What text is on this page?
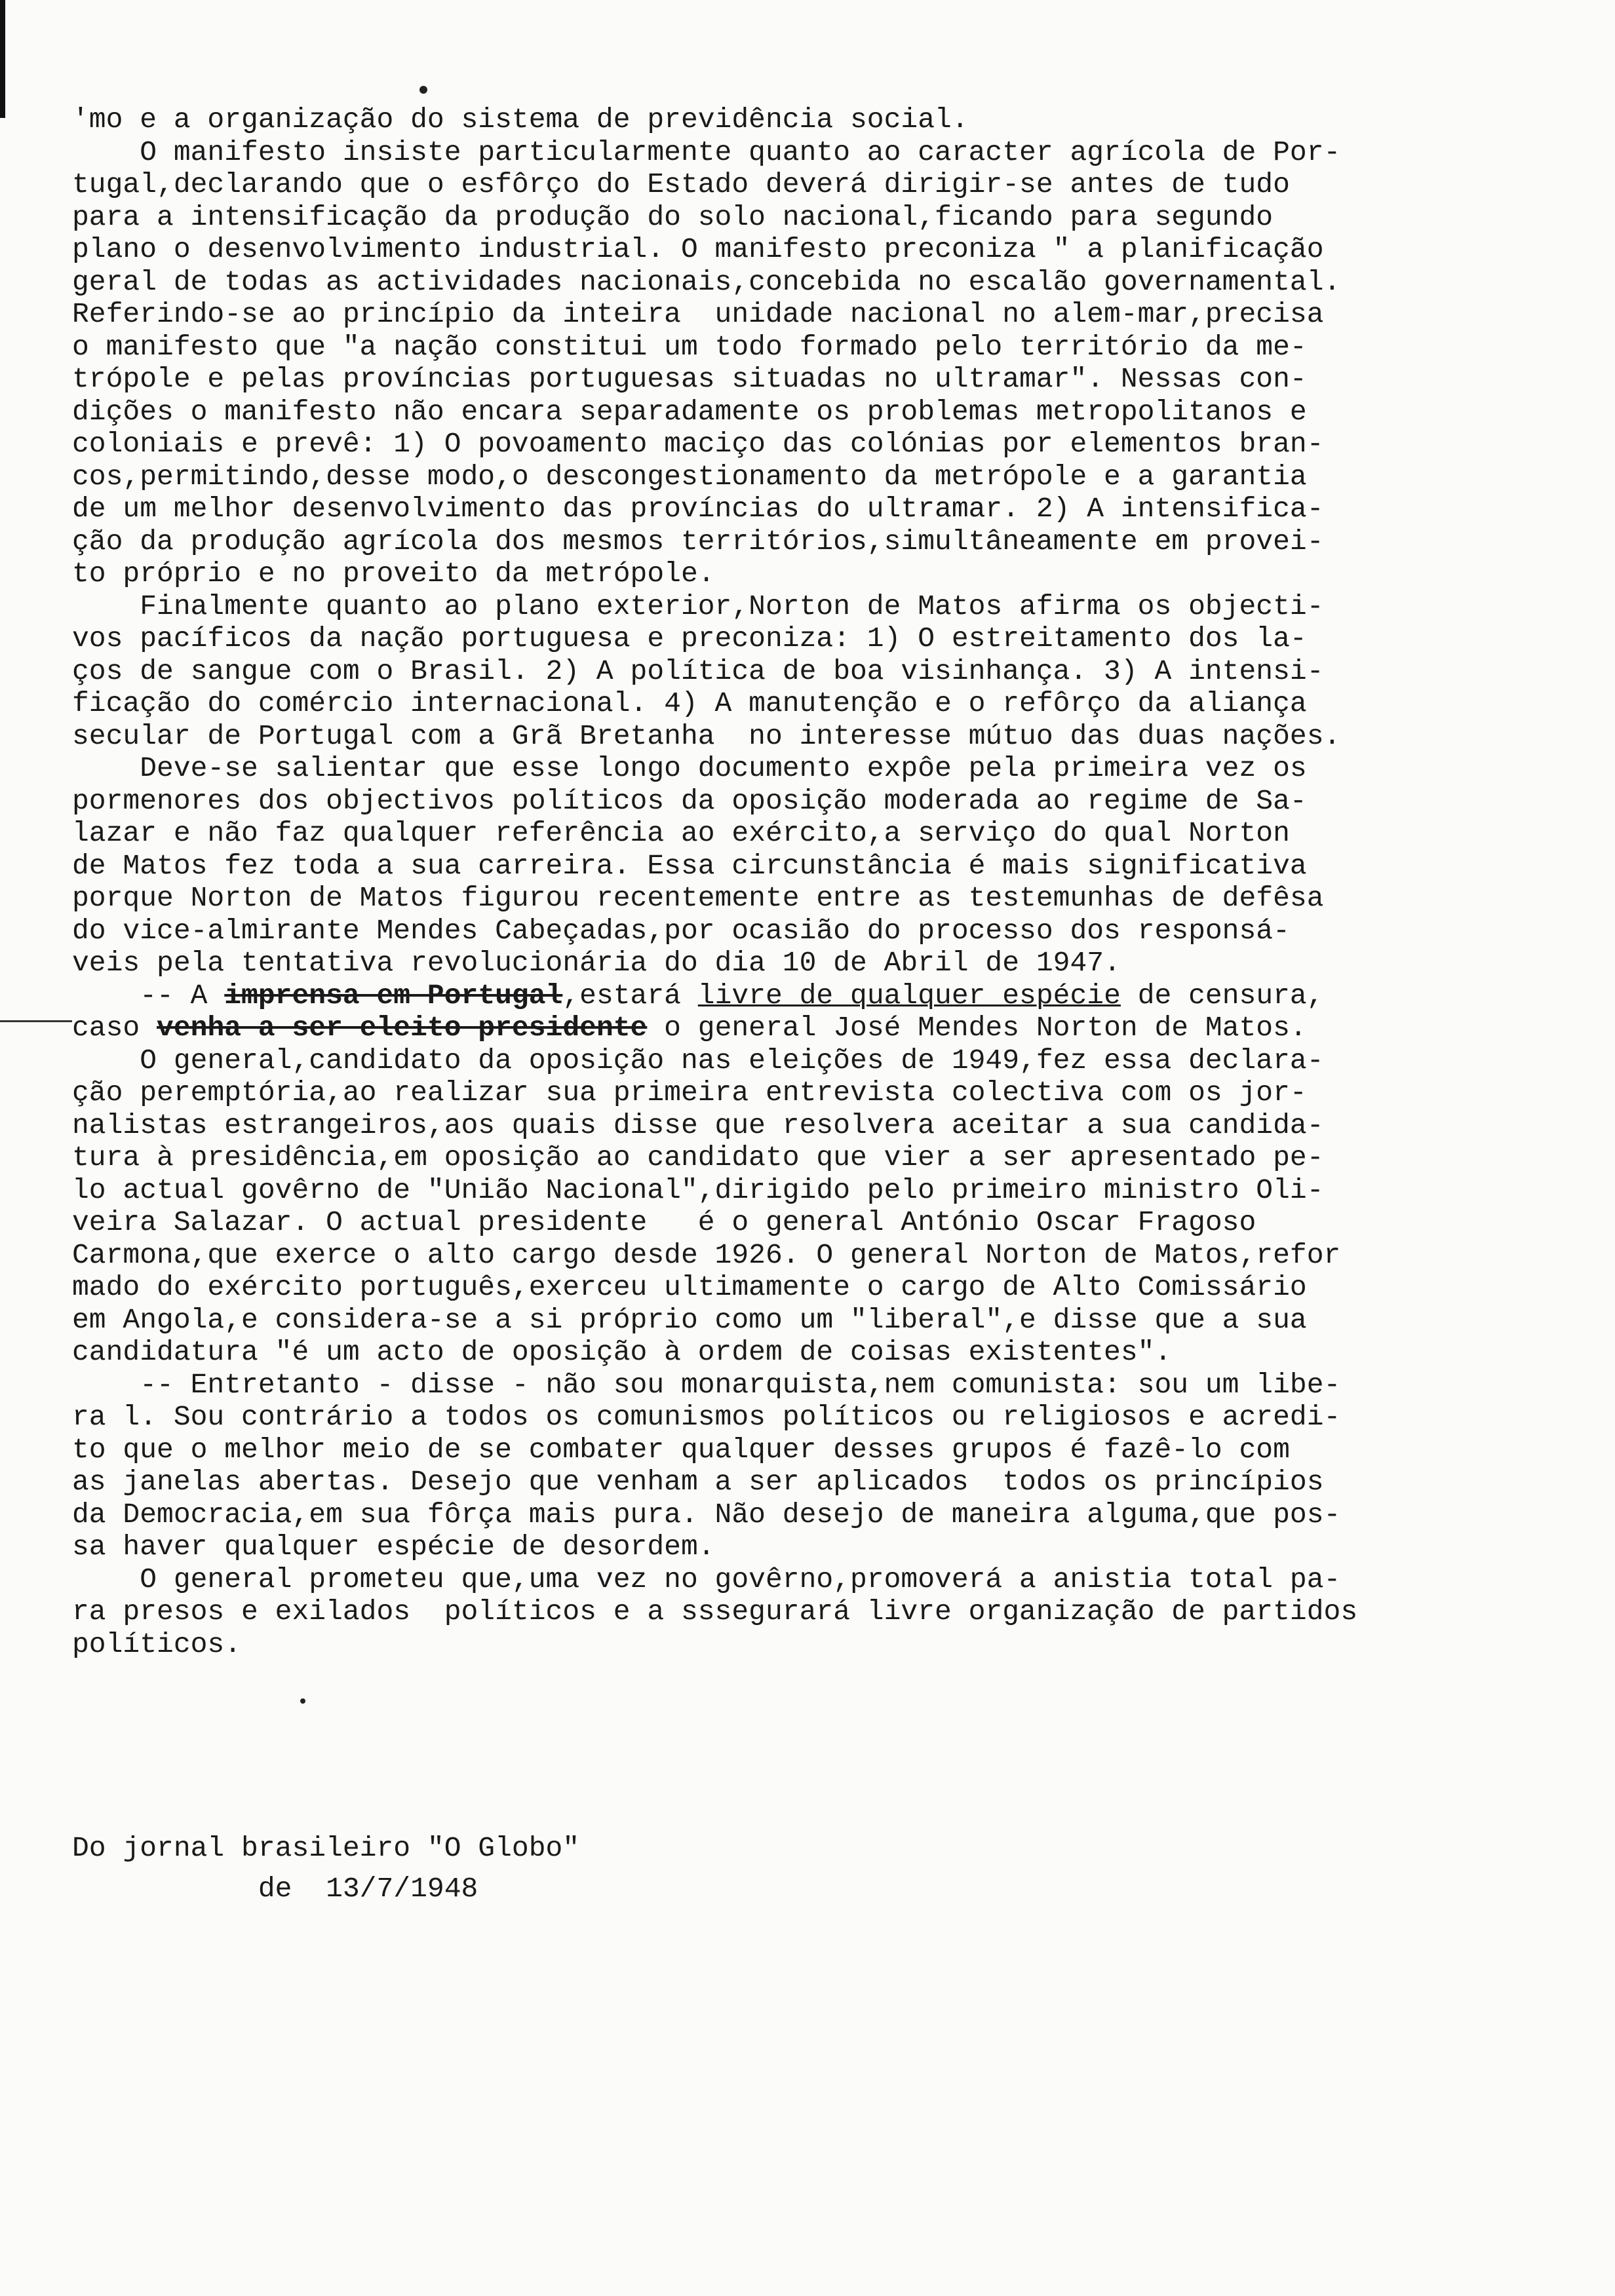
'mo e a organização do sistema de previdência social.
O manifesto insiste particularmente quanto ao caracter agrícola de Por-
tugal,declarando que o esfôrço do Estado deverá dirigir-se antes de tudo
para a intensificação da produção do solo nacional,ficando para segundo
plano o desenvolvimento industrial. O manifesto preconiza " a planificação
geral de todas as actividades nacionais,concebida no escalão governamental.
Referindo-se ao princípio da inteira  unidade nacional no alem-mar,precisa
o manifesto que "a nação constitui um todo formado pelo território da me-
trópole e pelas províncias portuguesas situadas no ultramar". Nessas con-
dições o manifesto não encara separadamente os problemas metropolitanos e
coloniais e prevê: 1) O povoamento maciço das colónias por elementos bran-
cos,permitindo,desse modo,o descongestionamento da metrópole e a garantia
de um melhor desenvolvimento das províncias do ultramar. 2) A intensifica-
ção da produção agrícola dos mesmos territórios,simultâneamente em provei-
to próprio e no proveito da metrópole.
Finalmente quanto ao plano exterior,Norton de Matos afirma os objecti-
vos pacíficos da nação portuguesa e preconiza: 1) O estreitamento dos la-
ços de sangue com o Brasil. 2) A política de boa visinhança. 3) A intensi-
ficação do comércio internacional. 4) A manutenção e o refôrço da aliança
secular de Portugal com a Grã Bretanha  no interesse mútuo das duas nações.
Deve-se salientar que esse longo documento expôe pela primeira vez os
pormenores dos objectivos políticos da oposição moderada ao regime de Sa-
lazar e não faz qualquer referência ao exército,a serviço do qual Norton
de Matos fez toda a sua carreira. Essa circunstância é mais significativa
porque Norton de Matos figurou recentemente entre as testemunhas de defêsa
do vice-almirante Mendes Cabeçadas,por ocasião do processo dos responsá-
veis pela tentativa revolucionária do dia 10 de Abril de 1947.
-- A imprensa em Portugal,estará livre de qualquer espécie de censura,
caso venha a ser eleito presidente o general José Mendes Norton de Matos.
O general,candidato da oposição nas eleições de 1949,fez essa declara-
ção peremptória,ao realizar sua primeira entrevista colectiva com os jor-
nalistas estrangeiros,aos quais disse que resolvera aceitar a sua candida-
tura à presidência,em oposição ao candidato que vier a ser apresentado pe-
lo actual govêrno de "União Nacional",dirigido pelo primeiro ministro Oli-
veira Salazar. O actual presidente   é o general António Oscar Fragoso
Carmona,que exerce o alto cargo desde 1926. O general Norton de Matos,refor
mado do exército português,exerceu ultimamente o cargo de Alto Comissário
em Angola,e considera-se a si próprio como um "liberal",e disse que a sua
candidatura "é um acto de oposição à ordem de coisas existentes".
-- Entretanto - disse - não sou monarquista,nem comunista: sou um libe-
ra l. Sou contrário a todos os comunismos políticos ou religiosos e acredi-
to que o melhor meio de se combater qualquer desses grupos é fazê-lo com
as janelas abertas. Desejo que venham a ser aplicados  todos os princípios
da Democracia,em sua fôrça mais pura. Não desejo de maneira alguma,que pos-
sa haver qualquer espécie de desordem.
O general prometeu que,uma vez no govêrno,promoverá a anistia total pa-
ra presos e exilados  políticos e a sssegurará livre organização de partidos
políticos.
Do jornal brasileiro "O Globo"
de  13/7/1948
